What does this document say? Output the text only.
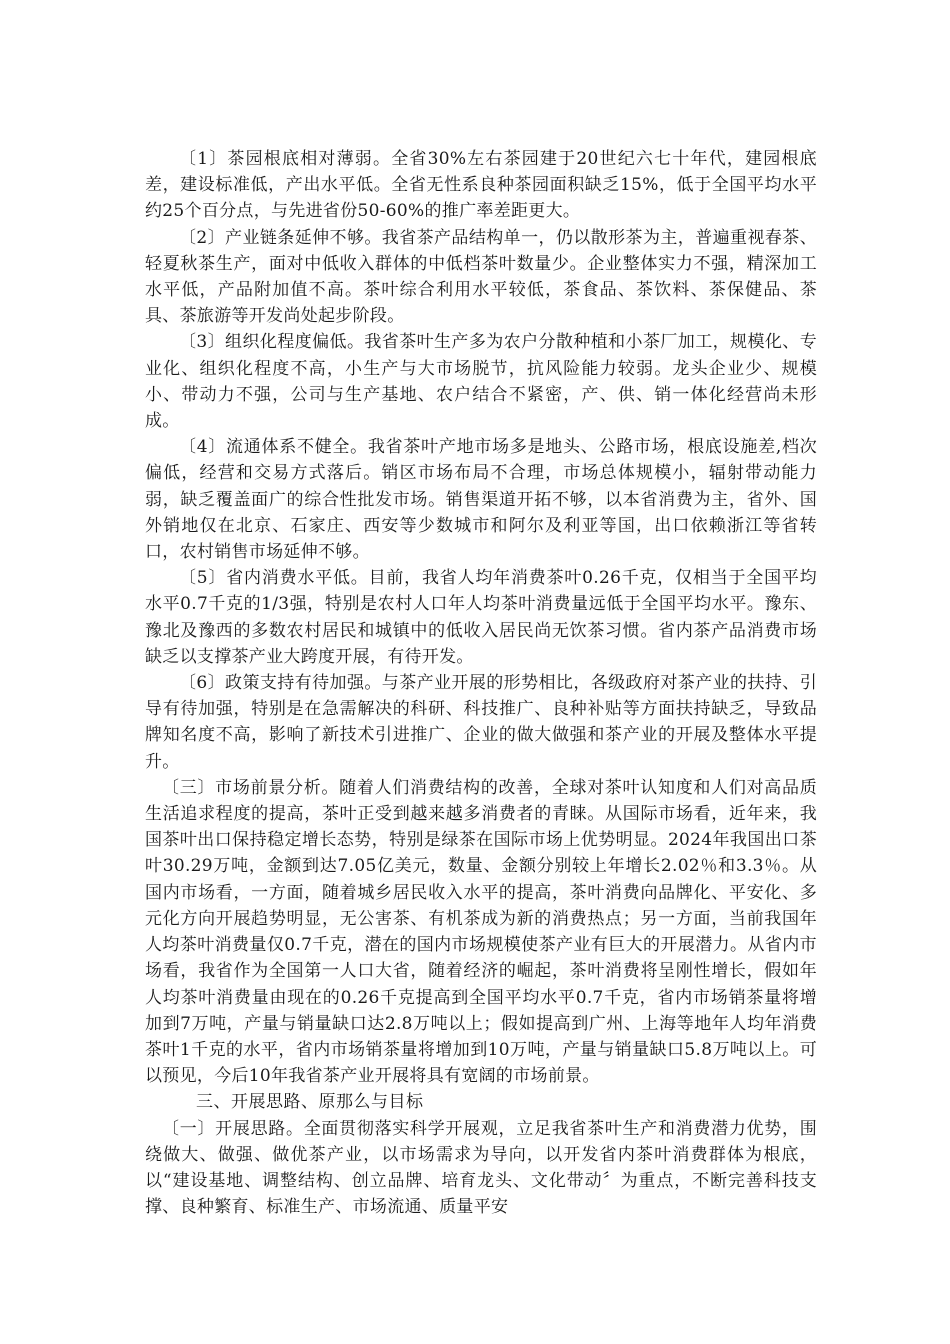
〔1〕茶园根底相对薄弱。全省30%左右茶园建于20世纪六七十年代，建园根底差，建设标准低，产出水平低。全省无性系良种茶园面积缺乏15%，低于全国平均水平约25个百分点，与先进省份50-60%的推广率差距更大。

〔2〕产业链条延伸不够。我省茶产品结构单一，仍以散形茶为主，普遍重视春茶、轻夏秋茶生产，面对中低收入群体的中低档茶叶数量少。企业整体实力不强，精深加工水平低，产品附加值不高。茶叶综合利用水平较低，茶食品、茶饮料、茶保健品、茶具、茶旅游等开发尚处起步阶段。

〔3〕组织化程度偏低。我省茶叶生产多为农户分散种植和小茶厂加工，规模化、专业化、组织化程度不高，小生产与大市场脱节，抗风险能力较弱。龙头企业少、规模小、带动力不强，公司与生产基地、农户结合不紧密，产、供、销一体化经营尚未形成。

〔4〕流通体系不健全。我省茶叶产地市场多是地头、公路市场，根底设施差,档次偏低，经营和交易方式落后。销区市场布局不合理，市场总体规模小，辐射带动能力弱，缺乏覆盖面广的综合性批发市场。销售渠道开拓不够，以本省消费为主，省外、国外销地仅在北京、石家庄、西安等少数城市和阿尔及利亚等国，出口依赖浙江等省转口，农村销售市场延伸不够。

〔5〕省内消费水平低。目前，我省人均年消费茶叶0.26千克，仅相当于全国平均水平0.7千克的1/3强，特别是农村人口年人均茶叶消费量远低于全国平均水平。豫东、豫北及豫西的多数农村居民和城镇中的低收入居民尚无饮茶习惯。省内茶产品消费市场缺乏以支撑茶产业大跨度开展，有待开发。

〔6〕政策支持有待加强。与茶产业开展的形势相比，各级政府对茶产业的扶持、引导有待加强，特别是在急需解决的科研、科技推广、良种补贴等方面扶持缺乏，导致品牌知名度不高，影响了新技术引进推广、企业的做大做强和茶产业的开展及整体水平提升。

〔三〕市场前景分析。随着人们消费结构的改善，全球对茶叶认知度和人们对高品质生活追求程度的提高，茶叶正受到越来越多消费者的青睐。从国际市场看，近年来，我国茶叶出口保持稳定增长态势，特别是绿茶在国际市场上优势明显。2024年我国出口茶叶30.29万吨，金额到达7.05亿美元，数量、金额分别较上年增长2.02％和3.3％。从国内市场看，一方面，随着城乡居民收入水平的提高，茶叶消费向品牌化、平安化、多元化方向开展趋势明显，无公害茶、有机茶成为新的消费热点；另一方面，当前我国年人均茶叶消费量仅0.7千克，潜在的国内市场规模使茶产业有巨大的开展潜力。从省内市场看，我省作为全国第一人口大省，随着经济的崛起，茶叶消费将呈刚性增长，假如年人均茶叶消费量由现在的0.26千克提高到全国平均水平0.7千克，省内市场销茶量将增加到7万吨，产量与销量缺口达2.8万吨以上；假如提高到广州、上海等地年人均年消费茶叶1千克的水平，省内市场销茶量将增加到10万吨，产量与销量缺口5.8万吨以上。可以预见，今后10年我省茶产业开展将具有宽阔的市场前景。

三、开展思路、原那么与目标

〔一〕开展思路。全面贯彻落实科学开展观，立足我省茶叶生产和消费潜力优势，围绕做大、做强、做优茶产业，以市场需求为导向，以开发省内茶叶消费群体为根底，以“建设基地、调整结构、创立品牌、培育龙头、文化带动〞为重点，不断完善科技支撑、良种繁育、标准生产、市场流通、质量平安
